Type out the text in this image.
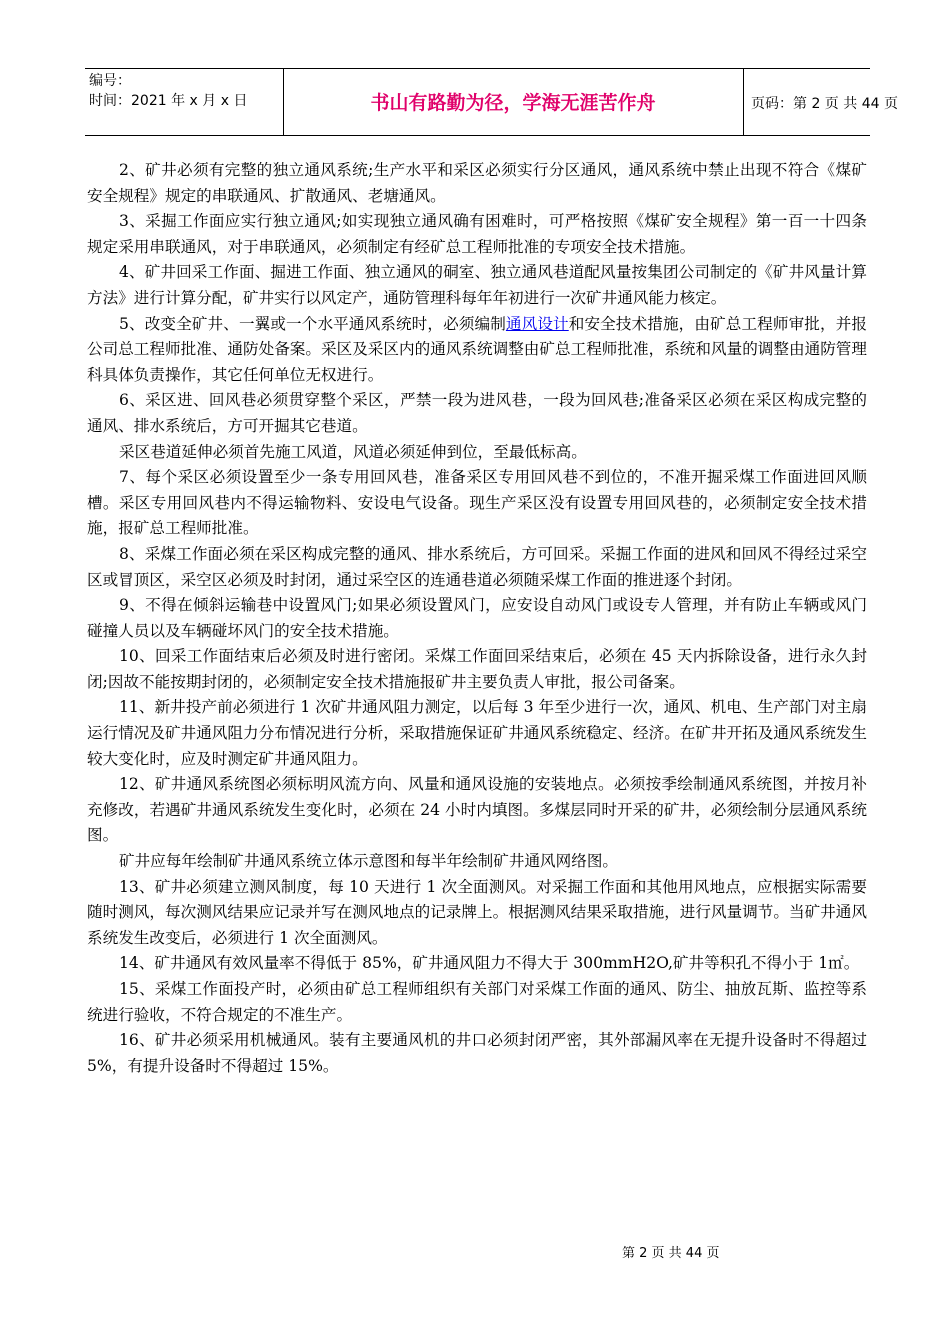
编号：
时间：2021 年 x 月 x 日	书山有路勤为径，学海无涯苦作舟	页码：第 2 页 共 44 页

2、矿井必须有完整的独立通风系统;生产水平和采区必须实行分区通风，通风系统中禁止出现不符合《煤矿安全规程》规定的串联通风、扩散通风、老塘通风。

3、采掘工作面应实行独立通风;如实现独立通风确有困难时，可严格按照《煤矿安全规程》第一百一十四条规定采用串联通风，对于串联通风，必须制定有经矿总工程师批准的专项安全技术措施。

4、矿井回采工作面、掘进工作面、独立通风的硐室、独立通风巷道配风量按集团公司制定的《矿井风量计算方法》进行计算分配，矿井实行以风定产，通防管理科每年年初进行一次矿井通风能力核定。

5、改变全矿井、一翼或一个水平通风系统时，必须编制通风设计和安全技术措施，由矿总工程师审批，并报公司总工程师批准、通防处备案。采区及采区内的通风系统调整由矿总工程师批准，系统和风量的调整由通防管理科具体负责操作，其它任何单位无权进行。

6、采区进、回风巷必须贯穿整个采区，严禁一段为进风巷，一段为回风巷;准备采区必须在采区构成完整的通风、排水系统后，方可开掘其它巷道。

采区巷道延伸必须首先施工风道，风道必须延伸到位，至最低标高。

7、每个采区必须设置至少一条专用回风巷，准备采区专用回风巷不到位的，不准开掘采煤工作面进回风顺槽。采区专用回风巷内不得运输物料、安设电气设备。现生产采区没有设置专用回风巷的，必须制定安全技术措施，报矿总工程师批准。

8、采煤工作面必须在采区构成完整的通风、排水系统后，方可回采。采掘工作面的进风和回风不得经过采空区或冒顶区，采空区必须及时封闭，通过采空区的连通巷道必须随采煤工作面的推进逐个封闭。

9、不得在倾斜运输巷中设置风门;如果必须设置风门，应安设自动风门或设专人管理，并有防止车辆或风门碰撞人员以及车辆碰坏风门的安全技术措施。

10、回采工作面结束后必须及时进行密闭。采煤工作面回采结束后，必须在 45 天内拆除设备，进行永久封闭;因故不能按期封闭的，必须制定安全技术措施报矿井主要负责人审批，报公司备案。

11、新井投产前必须进行 1 次矿井通风阻力测定，以后每 3 年至少进行一次，通风、机电、生产部门对主扇运行情况及矿井通风阻力分布情况进行分析，采取措施保证矿井通风系统稳定、经济。在矿井开拓及通风系统发生较大变化时，应及时测定矿井通风阻力。

12、矿井通风系统图必须标明风流方向、风量和通风设施的安装地点。必须按季绘制通风系统图，并按月补充修改，若遇矿井通风系统发生变化时，必须在 24 小时内填图。多煤层同时开采的矿井，必须绘制分层通风系统图。

矿井应每年绘制矿井通风系统立体示意图和每半年绘制矿井通风网络图。

13、矿井必须建立测风制度，每 10 天进行 1 次全面测风。对采掘工作面和其他用风地点，应根据实际需要随时测风，每次测风结果应记录并写在测风地点的记录牌上。根据测风结果采取措施，进行风量调节。当矿井通风系统发生改变后，必须进行 1 次全面测风。

14、矿井通风有效风量率不得低于 85%，矿井通风阻力不得大于 300mmH2O,矿井等积孔不得小于 1㎡。

15、采煤工作面投产时，必须由矿总工程师组织有关部门对采煤工作面的通风、防尘、抽放瓦斯、监控等系统进行验收，不符合规定的不准生产。

16、矿井必须采用机械通风。装有主要通风机的井口必须封闭严密，其外部漏风率在无提升设备时不得超过 5%，有提升设备时不得超过 15%。

第 2 页 共 44 页
